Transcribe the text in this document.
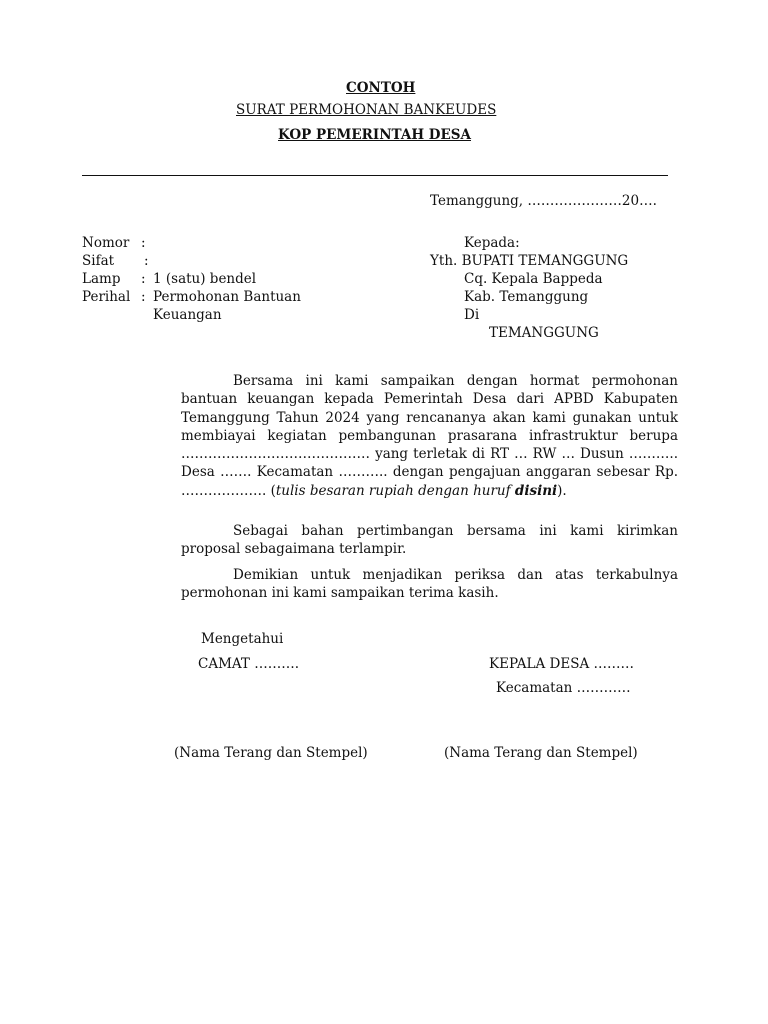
CONTOH
SURAT PERMOHONAN BANKEUDES
KOP PEMERINTAH DESA
Temanggung, …………………20….
Nomor :
Sifat :
Lamp : 1 (satu) bendel
Perihal : Permohonan Bantuan
Keuangan
Kepada:
Yth. BUPATI TEMANGGUNG
Cq. Kepala Bappeda
Kab. Temanggung
Di
TEMANGGUNG
Bersama ini kami sampaikan dengan hormat permohonan bantuan keuangan kepada Pemerintah Desa dari APBD Kabupaten Temanggung Tahun 2024 yang rencananya akan kami gunakan untuk membiayai kegiatan pembangunan prasarana infrastruktur berupa …………………………………… yang terletak di RT … RW … Dusun ……….. Desa ……. Kecamatan ……….. dengan pengajuan anggaran sebesar Rp. ………………. (tulis besaran rupiah dengan huruf disini).
Sebagai bahan pertimbangan bersama ini kami kirimkan proposal sebagaimana terlampir.
Demikian untuk menjadikan periksa dan atas terkabulnya permohonan ini kami sampaikan terima kasih.
Mengetahui
CAMAT ……….	KEPALA DESA ………
Kecamatan …………
(Nama Terang dan Stempel)	(Nama Terang dan Stempel)
